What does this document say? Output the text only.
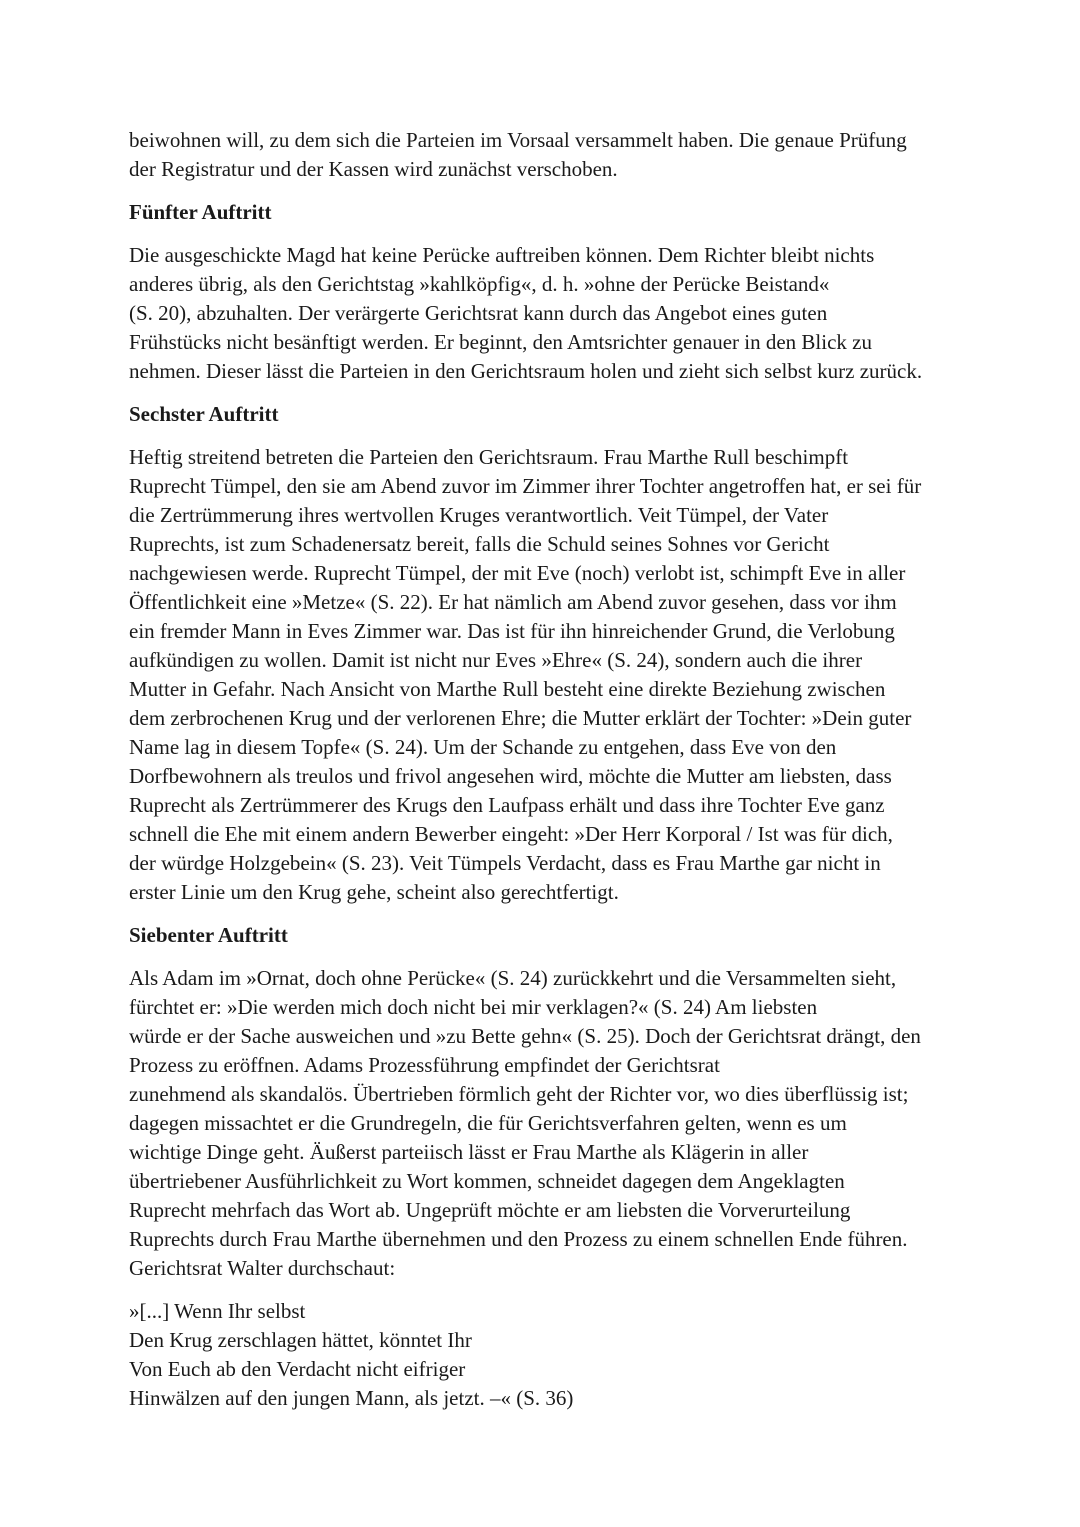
beiwohnen will, zu dem sich die Parteien im Vorsaal versammelt haben. Die genaue Prüfung
der Registratur und der Kassen wird zunächst verschoben.
Fünfter Auftritt
Die ausgeschickte Magd hat keine Perücke auftreiben können. Dem Richter bleibt nichts
anderes übrig, als den Gerichtstag »kahlköpfig«, d. h. »ohne der Perücke Beistand«
(S. 20), abzuhalten. Der verärgerte Gerichtsrat kann durch das Angebot eines guten
Frühstücks nicht besänftigt werden. Er beginnt, den Amtsrichter genauer in den Blick zu
nehmen. Dieser lässt die Parteien in den Gerichtsraum holen und zieht sich selbst kurz zurück.
Sechster Auftritt
Heftig streitend betreten die Parteien den Gerichtsraum. Frau Marthe Rull beschimpft
Ruprecht Tümpel, den sie am Abend zuvor im Zimmer ihrer Tochter angetroffen hat, er sei für
die Zertrümmerung ihres wertvollen Kruges verantwortlich. Veit Tümpel, der Vater
Ruprechts, ist zum Schadenersatz bereit, falls die Schuld seines Sohnes vor Gericht
nachgewiesen werde. Ruprecht Tümpel, der mit Eve (noch) verlobt ist, schimpft Eve in aller
Öffentlichkeit eine »Metze« (S. 22). Er hat nämlich am Abend zuvor gesehen, dass vor ihm
ein fremder Mann in Eves Zimmer war. Das ist für ihn hinreichender Grund, die Verlobung
aufkündigen zu wollen. Damit ist nicht nur Eves »Ehre« (S. 24), sondern auch die ihrer
Mutter in Gefahr. Nach Ansicht von Marthe Rull besteht eine direkte Beziehung zwischen
dem zerbrochenen Krug und der verlorenen Ehre; die Mutter erklärt der Tochter: »Dein guter
Name lag in diesem Topfe« (S. 24). Um der Schande zu entgehen, dass Eve von den
Dorfbewohnern als treulos und frivol angesehen wird, möchte die Mutter am liebsten, dass
Ruprecht als Zertrümmerer des Krugs den Laufpass erhält und dass ihre Tochter Eve ganz
schnell die Ehe mit einem andern Bewerber eingeht: »Der Herr Korporal / Ist was für dich,
der würdge Holzgebein« (S. 23). Veit Tümpels Verdacht, dass es Frau Marthe gar nicht in
erster Linie um den Krug gehe, scheint also gerechtfertigt.
Siebenter Auftritt
Als Adam im »Ornat, doch ohne Perücke« (S. 24) zurückkehrt und die Versammelten sieht,
fürchtet er: »Die werden mich doch nicht bei mir verklagen?« (S. 24) Am liebsten
würde er der Sache ausweichen und »zu Bette gehn« (S. 25). Doch der Gerichtsrat drängt, den
Prozess zu eröffnen. Adams Prozessführung empfindet der Gerichtsrat
zunehmend als skandalös. Übertrieben förmlich geht der Richter vor, wo dies überflüssig ist;
dagegen missachtet er die Grundregeln, die für Gerichtsverfahren gelten, wenn es um
wichtige Dinge geht. Äußerst parteiisch lässt er Frau Marthe als Klägerin in aller
übertriebener Ausführlichkeit zu Wort kommen, schneidet dagegen dem Angeklagten
Ruprecht mehrfach das Wort ab. Ungeprüft möchte er am liebsten die Vorverurteilung
Ruprechts durch Frau Marthe übernehmen und den Prozess zu einem schnellen Ende führen.
Gerichtsrat Walter durchschaut:
»[...] Wenn Ihr selbst
Den Krug zerschlagen hättet, könntet Ihr
Von Euch ab den Verdacht nicht eifriger
Hinwälzen auf den jungen Mann, als jetzt. –« (S. 36)
